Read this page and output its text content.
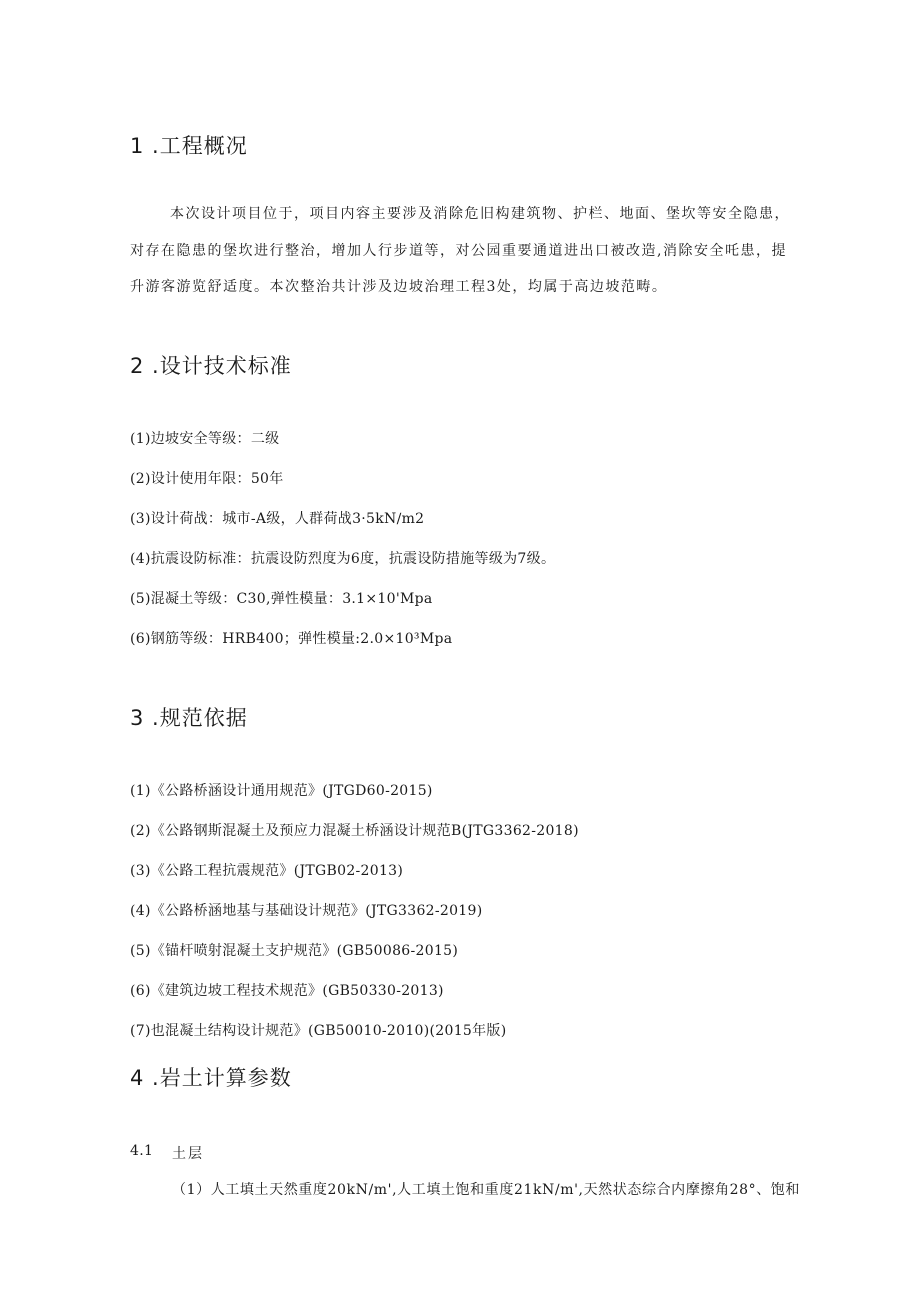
1 .工程概况
本次设计项目位于，项目内容主要涉及消除危旧构建筑物、护栏、地面、堡坎等安全隐患，
对存在隐患的堡坎进行整治，增加人行步道等，对公园重要通道进出口被改造,消除安全吒患，提
升游客游览舒适度。本次整治共计涉及边坡治理工程3处，均属于高边坡范畴。
2 .设计技术标准
(1)边坡安全等级：二级
(2)设计使用年限：50年
(3)设计荷战：城市-A级，人群荷战3·5kN∕m2
(4)抗震设防标准：抗震设防烈度为6度，抗震设防措施等级为7级。
(5)混凝土等级：C30,弹性模量：3.1×10'Mpa
(6)钢筋等级：HRB400；弹性模量:2.0×10³Mpa
3 .规范依据
(1)《公路桥涵设计通用规范》(JTGD60-2015)
(2)《公路钢斯混凝土及预应力混凝土桥涵设计规范B(JTG3362-2018)
(3)《公路工程抗震规范》(JTGB02-2013)
(4)《公路桥涵地基与基础设计规范》(JTG3362-2019)
(5)《锚杆喷射混凝土支护规范》(GB50086-2015)
(6)《建筑边坡工程技术规范》(GB50330-2013)
(7)也混凝土结构设计规范》(GB50010-2010)(2015年版)
4 .岩土计算参数
4.1 土层
（1）人工填土天然重度20kN∕m',人工填土饱和重度21kN∕m',天然状态综合内摩擦角28°、饱和
